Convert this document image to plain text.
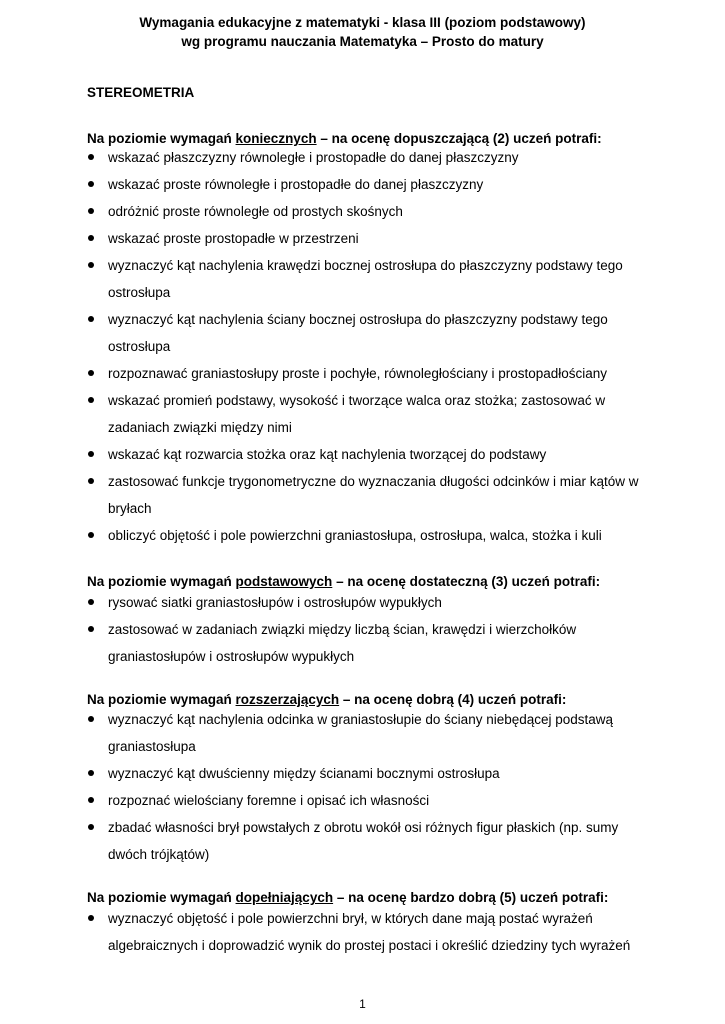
Wymagania edukacyjne z matematyki - klasa III (poziom podstawowy)
wg programu nauczania Matematyka – Prosto do matury
STEREOMETRIA
Na poziomie wymagań koniecznych – na ocenę dopuszczającą (2) uczeń potrafi:
wskazać płaszczyzny równoległe i prostopadłe do danej płaszczyzny
wskazać proste równoległe i prostopadłe do danej płaszczyzny
odróżnić proste równoległe od prostych skośnych
wskazać proste prostopadłe w przestrzeni
wyznaczyć kąt nachylenia krawędzi bocznej ostrosłupa do płaszczyzny podstawy tego ostrosłupa
wyznaczyć kąt nachylenia ściany bocznej ostrosłupa do płaszczyzny podstawy tego ostrosłupa
rozpoznawać graniastosłupy proste i pochyłe, równoległościany i prostopadłościany
wskazać promień podstawy, wysokość i tworzące walca oraz stożka; zastosować w zadaniach związki między nimi
wskazać kąt rozwarcia stożka oraz kąt nachylenia tworzącej do podstawy
zastosować funkcje trygonometryczne do wyznaczania długości odcinków i miar kątów w bryłach
obliczyć objętość i pole powierzchni graniastosłupa, ostrosłupa, walca, stożka i kuli
Na poziomie wymagań podstawowych – na ocenę dostateczną (3) uczeń potrafi:
rysować siatki graniastosłupów i ostrosłupów wypukłych
zastosować w zadaniach związki między liczbą ścian, krawędzi i wierzchołków graniastosłupów i ostrosłupów wypukłych
Na poziomie wymagań rozszerzających – na ocenę dobrą (4) uczeń potrafi:
wyznaczyć kąt nachylenia odcinka w graniastosłupie do ściany niebędącej podstawą graniastosłupa
wyznaczyć kąt dwuścienny między ścianami bocznymi ostrosłupa
rozpoznać wielościany foremne i opisać ich własności
zbadać własności brył powstałych z obrotu wokół osi różnych figur płaskich (np. sumy dwóch trójkątów)
Na poziomie wymagań dopełniających – na ocenę bardzo dobrą (5) uczeń potrafi:
wyznaczyć objętość i pole powierzchni brył, w których dane mają postać wyrażeń algebraicznych i doprowadzić wynik do prostej postaci i określić dziedziny tych wyrażeń
1
